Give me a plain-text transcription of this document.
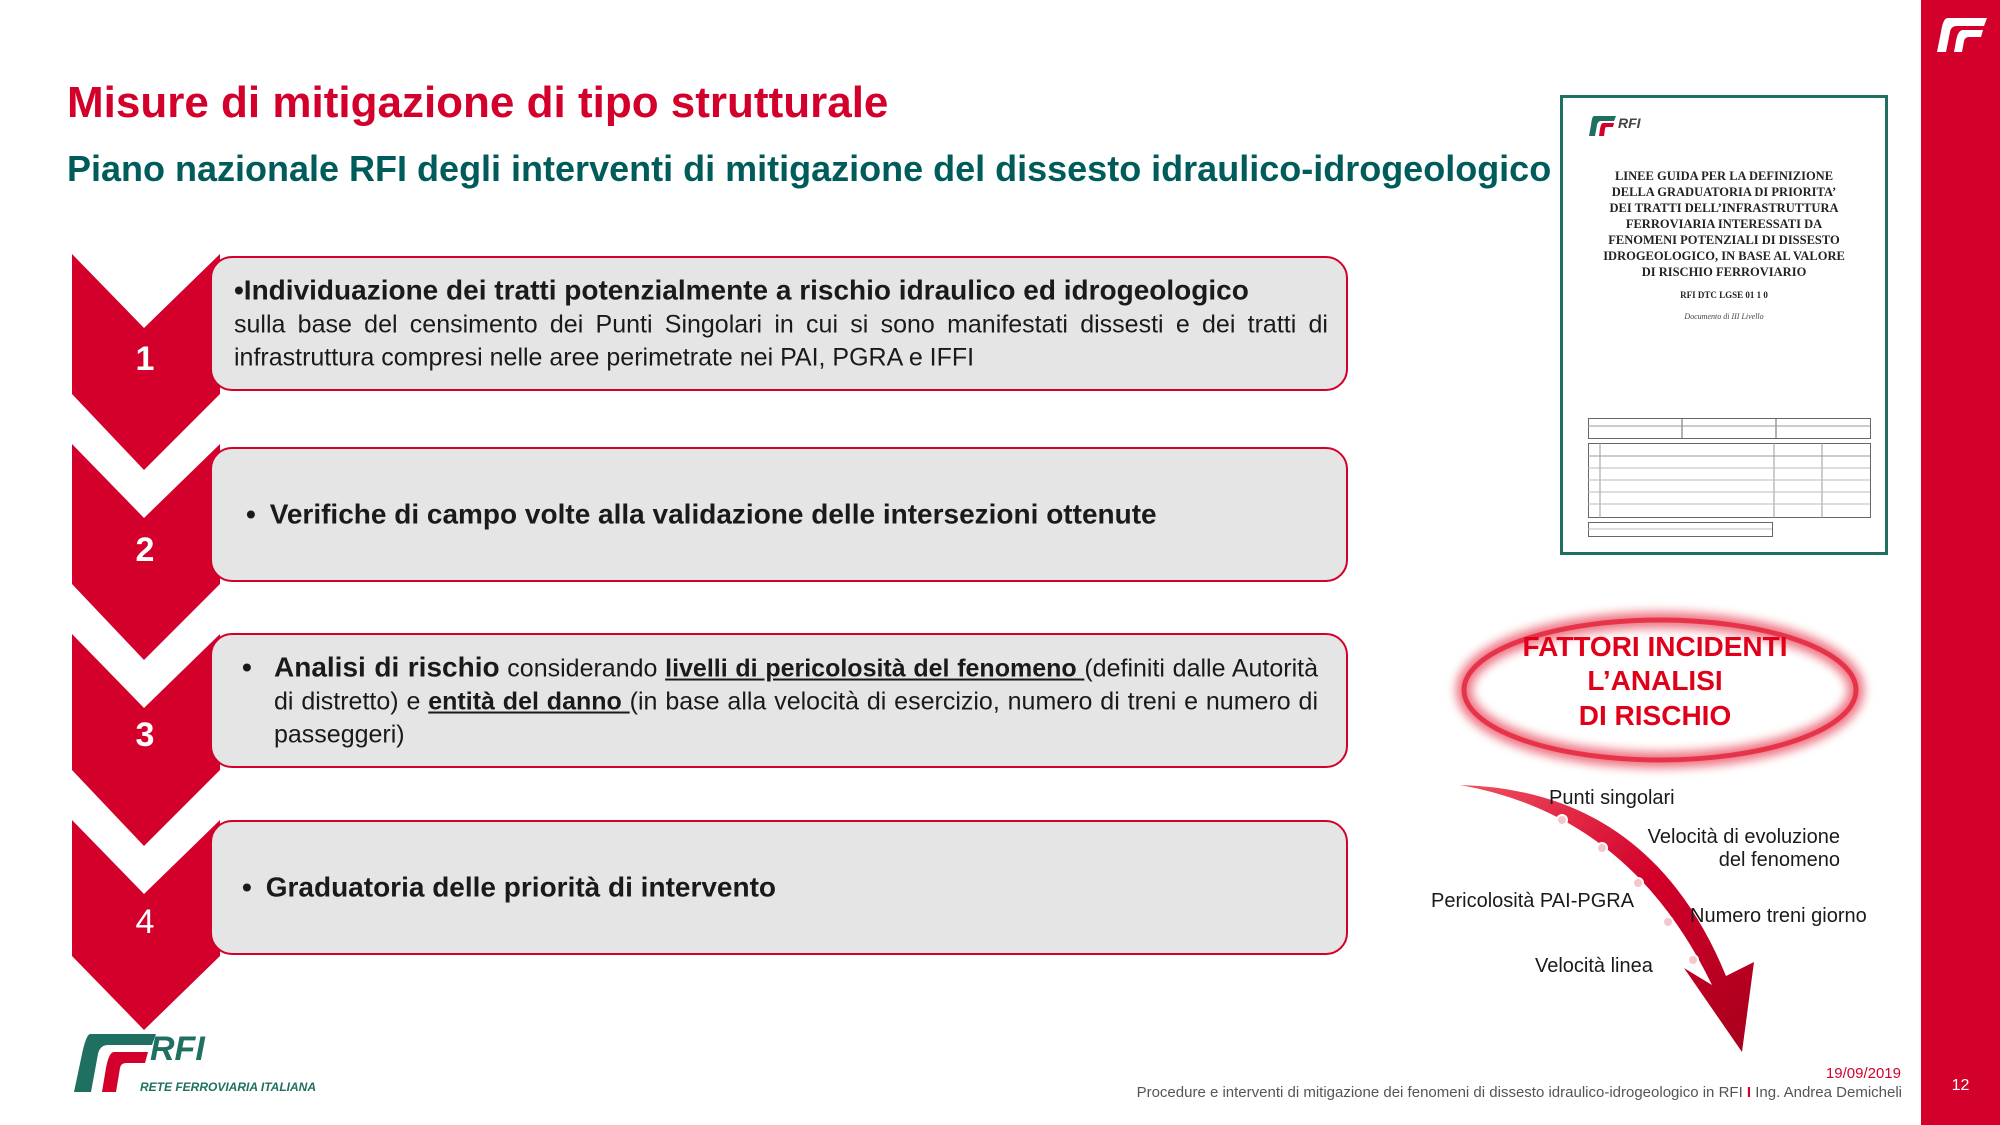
Misure di mitigazione di tipo strutturale
Piano nazionale RFI degli interventi di mitigazione del dissesto idraulico-idrogeologico
1
2
3
4
•Individuazione dei tratti potenzialmente a rischio idraulico ed idrogeologico
sulla base del censimento dei Punti Singolari in cui si sono manifestati dissesti e dei tratti di infrastruttura compresi nelle aree perimetrate nei PAI, PGRA e IFFI
• Verifiche di campo volte alla validazione delle intersezioni ottenute
• Analisi di rischio considerando livelli di pericolosità del fenomeno (definiti dalle Autorità di distretto) e entità del danno (in base alla velocità di esercizio, numero di treni e numero di passeggeri)
• Graduatoria delle priorità di intervento
RFI
LINEE GUIDA PER LA DEFINIZIONE
DELLA GRADUATORIA DI PRIORITA’
DEI TRATTI DELL’INFRASTRUTTURA
FERROVIARIA INTERESSATI DA
FENOMENI POTENZIALI DI DISSESTO
IDROGEOLOGICO, IN BASE AL VALORE
DI RISCHIO FERROVIARIO
RFI DTC LGSE 01 1 0
Documento di III Livello
FATTORI INCIDENTI
L’ANALISI
DI RISCHIO
Punti singolari
Velocità di evoluzione
del fenomeno
Pericolosità PAI-PGRA
Numero treni giorno
Velocità linea
RFI
RETE FERROVIARIA ITALIANA
19/09/2019
Procedure e interventi di mitigazione dei fenomeni di dissesto idraulico-idrogeologico in RFI I Ing. Andrea Demicheli	12
